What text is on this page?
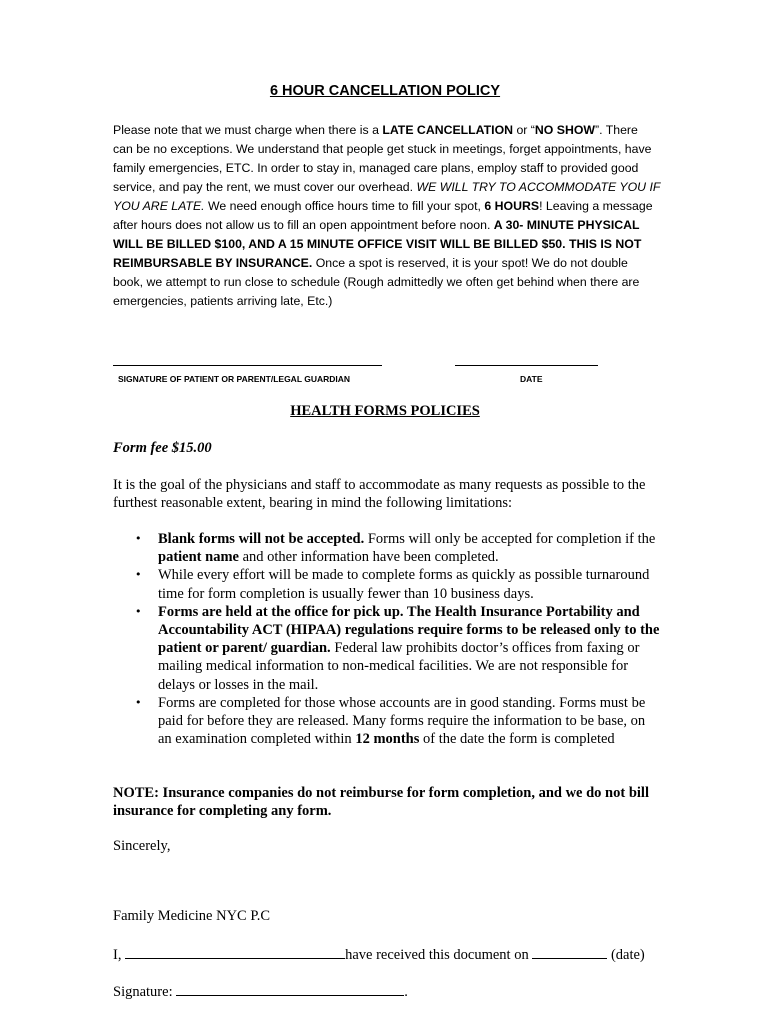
6 HOUR CANCELLATION POLICY
Please note that we must charge when there is a LATE CANCELLATION or “NO SHOW”. There can be no exceptions. We understand that people get stuck in meetings, forget appointments, have family emergencies, ETC. In order to stay in, managed care plans, employ staff to provided good service, and pay the rent, we must cover our overhead. WE WILL TRY TO ACCOMMODATE YOU IF YOU ARE LATE. We need enough office hours time to fill your spot, 6 HOURS! Leaving a message after hours does not allow us to fill an open appointment before noon. A 30- MINUTE PHYSICAL WILL BE BILLED $100, AND A 15 MINUTE OFFICE VISIT WILL BE BILLED $50. THIS IS NOT REIMBURSABLE BY INSURANCE. Once a spot is reserved, it is your spot! We do not double book, we attempt to run close to schedule (Rough admittedly we often get behind when there are emergencies, patients arriving late, Etc.)
SIGNATURE OF PATIENT OR PARENT/LEGAL GUARDIAN	DATE
HEALTH FORMS POLICIES
Form fee $15.00
It is the goal of the physicians and staff to accommodate as many requests as possible to the furthest reasonable extent, bearing in mind the following limitations:
• Blank forms will not be accepted. Forms will only be accepted for completion if the patient name and other information have been completed.
• While every effort will be made to complete forms as quickly as possible turnaround time for form completion is usually fewer than 10 business days.
• Forms are held at the office for pick up. The Health Insurance Portability and Accountability ACT (HIPAA) regulations require forms to be released only to the patient or parent/ guardian. Federal law prohibits doctor’s offices from faxing or mailing medical information to non-medical facilities. We are not responsible for delays or losses in the mail.
• Forms are completed for those whose accounts are in good standing. Forms must be paid for before they are released. Many forms require the information to be base, on an examination completed within 12 months of the date the form is completed
NOTE: Insurance companies do not reimburse for form completion, and we do not bill insurance for completing any form.
Sincerely,
Family Medicine NYC P.C
I,	have received this document on	(date)
Signature:	.
